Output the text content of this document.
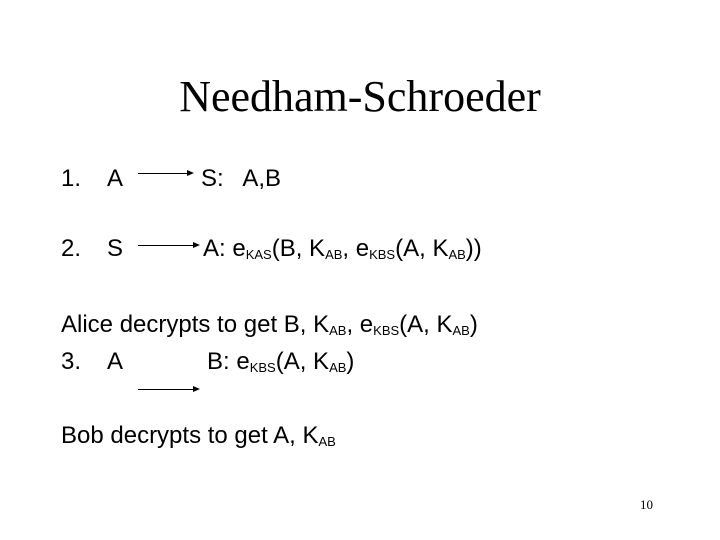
Needham-Schroeder
1. A	S:   A,B
2. S	A: $e_{KAS}(B$, $K_{AB}$, $e_{KBS}(A$, $K_{AB}$))
Alice decrypts to get B, $K_{AB}$, $e_{KBS}(A$, $K_{AB}$)
3. A	B: $e_{KBS}(A$, $K_{AB}$)
Bob decrypts to get A, $K_{AB}$
10
